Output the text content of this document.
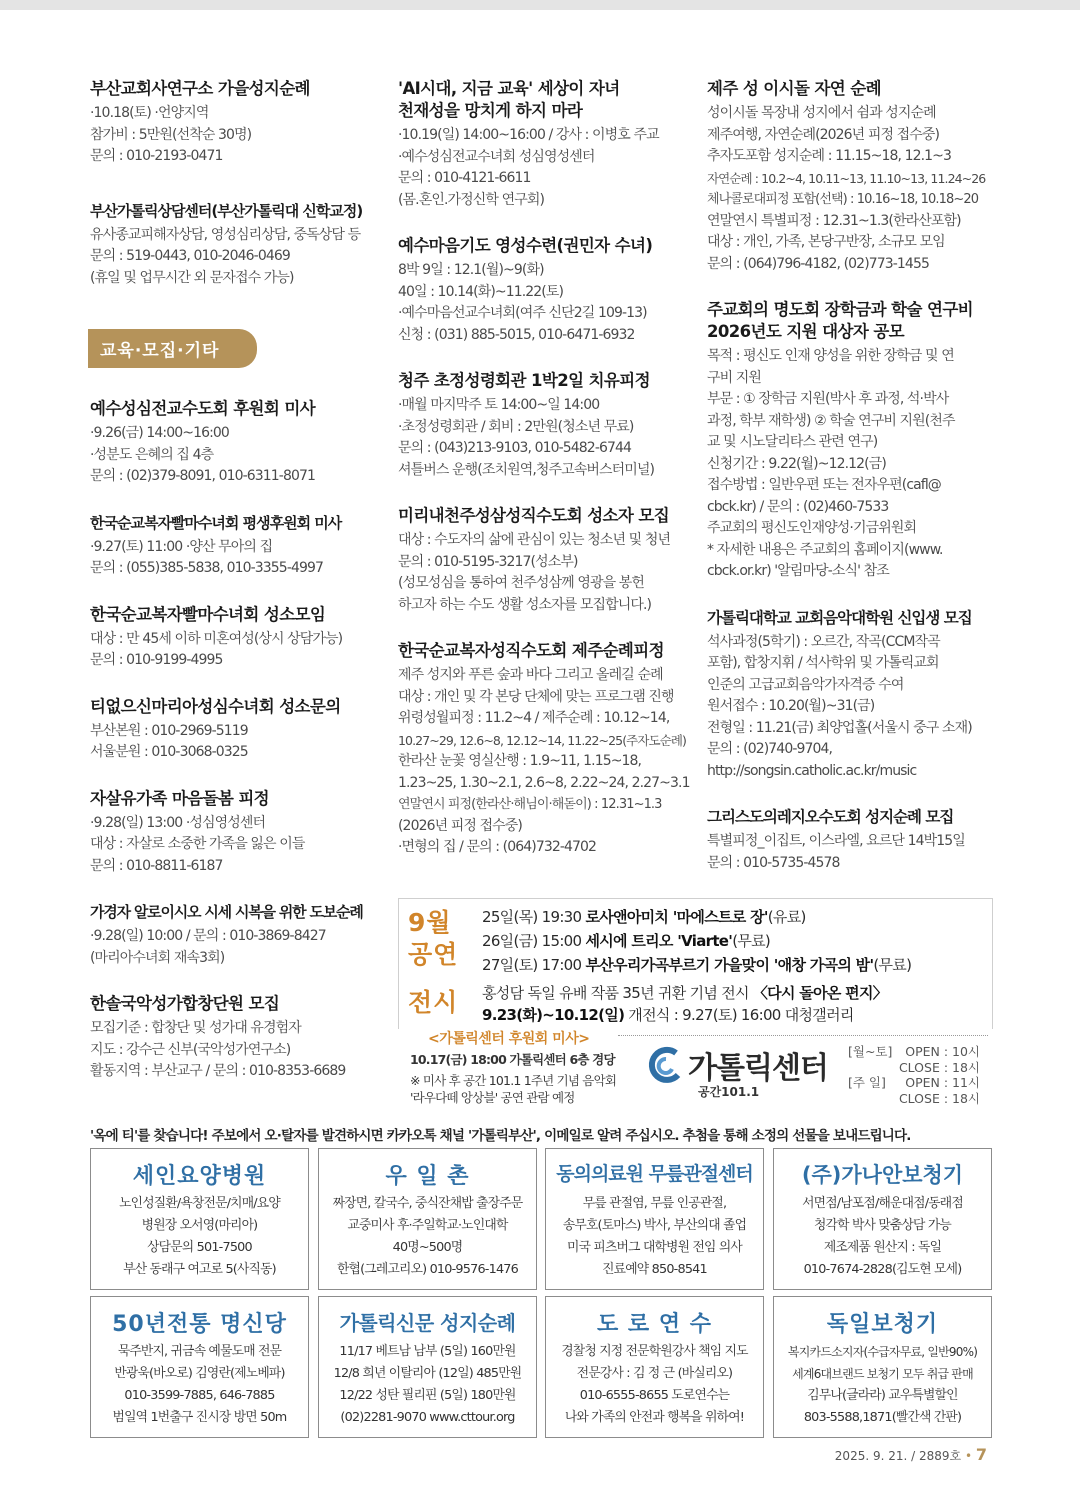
부산교회사연구소 가을성지순례
·10.18(토) ·언양지역
참가비 : 5만원(선착순 30명)
문의 : 010-2193-0471
부산가톨릭상담센터(부산가톨릭대 신학교정)
유사종교피해자상담, 영성심리상담, 중독상담 등
문의 : 519-0443, 010-2046-0469
(휴일 및 업무시간 외 문자접수 가능)
교육·모집·기타
예수성심전교수도회 후원회 미사
·9.26(금) 14:00~16:00
·성분도 은혜의 집 4층
문의 : (02)379-8091, 010-6311-8071
한국순교복자빨마수녀회 평생후원회 미사
·9.27(토) 11:00 ·양산 무아의 집
문의 : (055)385-5838, 010-3355-4997
한국순교복자빨마수녀회 성소모임
대상 : 만 45세 이하 미혼여성(상시 상담가능)
문의 : 010-9199-4995
티없으신마리아성심수녀회 성소문의
부산본원 : 010-2969-5119
서울분원 : 010-3068-0325
자살유가족 마음돌봄 피정
·9.28(일) 13:00 ·성심영성센터
대상 : 자살로 소중한 가족을 잃은 이들
문의 : 010-8811-6187
가경자 알로이시오 시세 시복을 위한 도보순례
·9.28(일) 10:00 / 문의 : 010-3869-8427
(마리아수녀회 재속3회)
한솔국악성가합창단원 모집
모집기준 : 합창단 및 성가대 유경험자
지도 : 강수근 신부(국악성가연구소)
활동지역 : 부산교구 / 문의 : 010-8353-6689
'AI시대, 지금 교육' 세상이 자녀
천재성을 망치게 하지 마라
·10.19(일) 14:00~16:00 / 강사 : 이병호 주교
·예수성심전교수녀회 성심영성센터
문의 : 010-4121-6611
(몸.혼인.가정신학 연구회)
예수마음기도 영성수련(권민자 수녀)
8박 9일 : 12.1(월)~9(화)
40일 : 10.14(화)~11.22(토)
·예수마음선교수녀회(여주 신단2길 109-13)
신청 : (031) 885-5015, 010-6471-6932
청주 초정성령회관 1박2일 치유피정
·매월 마지막주 토 14:00~일 14:00
·초정성령회관 / 회비 : 2만원(청소년 무료)
문의 : (043)213-9103, 010-5482-6744
셔틀버스 운행(조치원역,청주고속버스터미널)
미리내천주성삼성직수도회 성소자 모집
대상 : 수도자의 삶에 관심이 있는 청소년 및 청년
문의 : 010-5195-3217(성소부)
(성모성심을 통하여 천주성삼께 영광을 봉헌
하고자 하는 수도 생활 성소자를 모집합니다.)
한국순교복자성직수도회 제주순례피정
제주 성지와 푸른 숲과 바다 그리고 올레길 순례
대상 : 개인 및 각 본당 단체에 맞는 프로그램 진행
위령성월피정 : 11.2~4 / 제주순례 : 10.12~14,
10.27~29, 12.6~8, 12.12~14, 11.22~25(주자도순례)
한라산 눈꽃 영실산행 : 1.9~11, 1.15~18,
1.23~25, 1.30~2.1, 2.6~8, 2.22~24, 2.27~3.1
연말연시 피정(한라산·해님이·해돋이) : 12.31~1.3
(2026년 피정 접수중)
·면형의 집 / 문의 : (064)732-4702
제주 성 이시돌 자연 순례
성이시돌 목장내 성지에서 쉼과 성지순례
제주여행, 자연순례(2026년 피정 접수중)
추자도포함 성지순례 : 11.15~18, 12.1~3
자연순례 : 10.2~4, 10.11~13, 11.10~13, 11.24~26
체나콜로대피정 포함(선택) : 10.16~18, 10.18~20
연말연시 특별피정 : 12.31~1.3(한라산포함)
대상 : 개인, 가족, 본당구반장, 소규모 모임
문의 : (064)796-4182, (02)773-1455
주교회의 명도회 장학금과 학술 연구비
2026년도 지원 대상자 공모
목적 : 평신도 인재 양성을 위한 장학금 및 연
구비 지원
부문 : ① 장학금 지원(박사 후 과정, 석·박사
과정, 학부 재학생) ② 학술 연구비 지원(천주
교 및 시노달리타스 관련 연구)
신청기간 : 9.22(월)~12.12(금)
접수방법 : 일반우편 또는 전자우편(cafl@
cbck.kr) / 문의 : (02)460-7533
주교회의 평신도인재양성·기금위원회
* 자세한 내용은 주교회의 홈페이지(www.
cbck.or.kr) '알림마당-소식' 참조
가톨릭대학교 교회음악대학원 신입생 모집
석사과정(5학기) : 오르간, 작곡(CCM작곡
포함), 합창지휘 / 석사학위 및 가톨릭교회
인준의 고급교회음악가자격증 수여
원서접수 : 10.20(월)~31(금)
전형일 : 11.21(금) 최양업홀(서울시 중구 소재)
문의 : (02)740-9704,
http://songsin.catholic.ac.kr/music
그리스도의레지오수도회 성지순례 모집
특별피정_이집트, 이스라엘, 요르단 14박15일
문의 : 010-5735-4578
9월
공연
전시
25일(목) 19:30 로사앤아미치 '마에스트로 장'(유료)
26일(금) 15:00 세시에 트리오 'Viarte'(무료)
27일(토) 17:00 부산우리가곡부르기 가을맞이 '애창 가곡의 밤'(무료)
홍성담 독일 유배 작품 35년 귀환 기념 전시 〈다시 돌아온 편지〉
9.23(화)~10.12(일) 개전식 : 9.27(토) 16:00 대청갤러리
<가톨릭센터 후원회 미사>
10.17(금) 18:00 가톨릭센터 6층 경당
※ 미사 후 공간 101.1 1주년 기념 음악회
'라우다떼 앙상블' 공연 관람 예정
가톨릭센터
공간101.1
[월~토] OPEN : 10시
CLOSE : 18시
[주 일] OPEN : 11시
CLOSE : 18시
'옥에 티'를 찾습니다! 주보에서 오·탈자를 발견하시면 카카오톡 채널 '가톨릭부산', 이메일로 알려 주십시오. 추첨을 통해 소정의 선물을 보내드립니다.
세인요양병원
노인성질환/욕창전문/치매/요양
병원장 오서영(마리아)
상담문의 501-7500
부산 동래구 여고로 5(사직동)
우 일 촌
짜장면, 칼국수, 중식잔채밥 출장주문
교중미사 후·주일학교·노인대학
40명~500명
한협(그레고리오) 010-9576-1476
동의의료원 무릎관절센터
무릎 관절염, 무릎 인공관절,
송무호(토마스) 박사, 부산의대 졸업
미국 피츠버그 대학병원 전임 의사
진료예약 850-8541
(주)가나안보청기
서면점/남포점/해운대점/동래점
청각학 박사 맞춤상담 가능
제조제품 원산지 : 독일
010-7674-2828(김도현 모세)
50년전통 명신당
묵주반지, 귀금속 예물도매 전문
반광욱(바오로) 김영란(제노베파)
010-3599-7885, 646-7885
범일역 1번출구 진시장 방면 50m
가톨릭신문 성지순례
11/17 베트남 남부 (5일) 160만원
12/8 희년 이탈리아 (12일) 485만원
12/22 성탄 필리핀 (5일) 180만원
(02)2281-9070 www.cttour.org
도 로 연 수
경찰청 지정 전문학원강사 책임 지도
전문강사 : 김 정 근 (바실리오)
010-6555-8655 도로연수는
나와 가족의 안전과 행복을 위하여!
독일보청기
복지카드소지자(수급자무료, 일반90%)
세계6대브랜드 보청기 모두 취급 판매
김무나(글라라) 교우특별할인
803-5588,1871(빨간색 간판)
2025. 9. 21. / 2889호 • 7
